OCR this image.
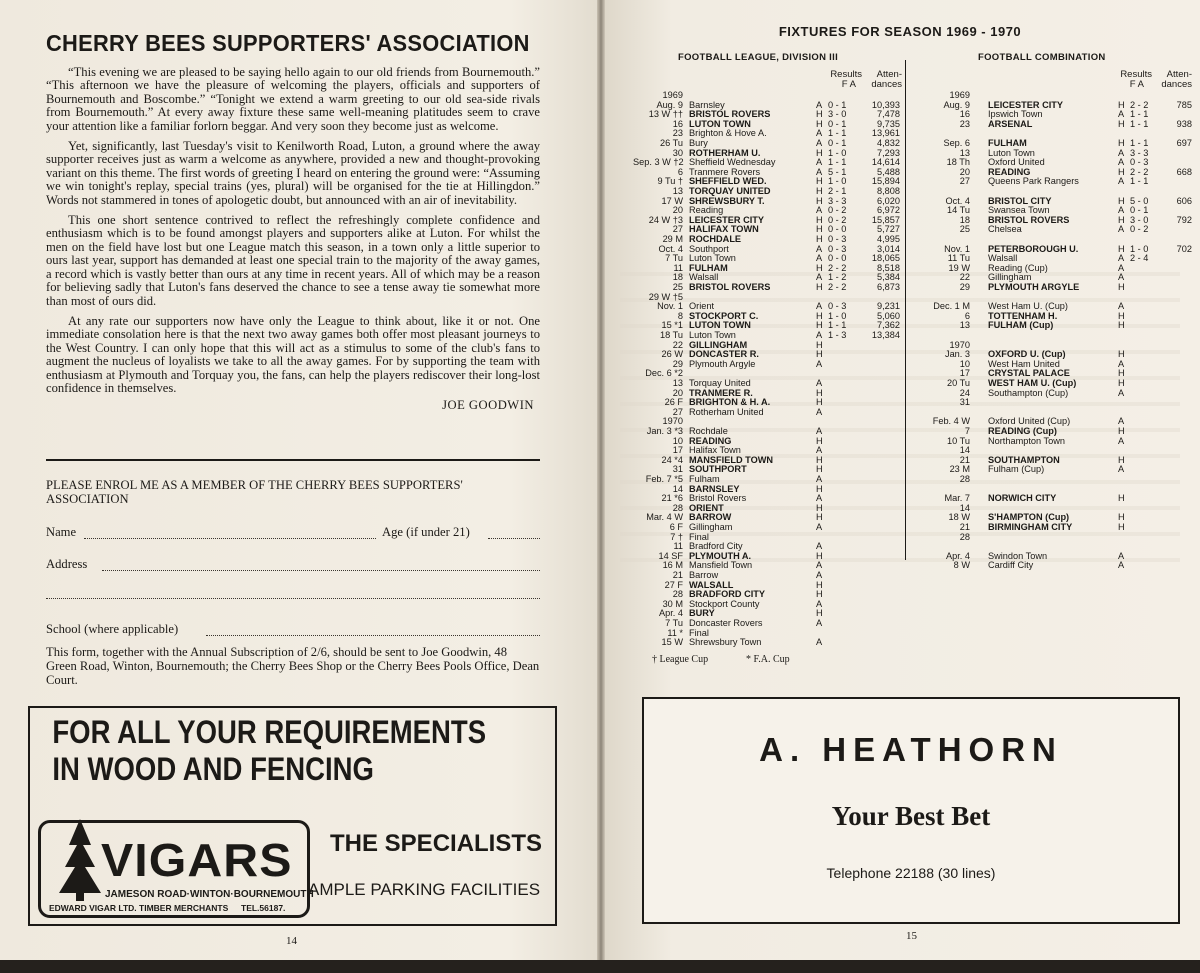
CHERRY BEES SUPPORTERS' ASSOCIATION

“This evening we are pleased to be saying hello again to our old friends from Bournemouth.” “This afternoon we have the pleasure of welcoming the players, officials and supporters of Bournemouth and Boscombe.” “Tonight we extend a warm greeting to our old sea-side rivals from Bournemouth.” At every away fixture these same well-meaning platitudes seem to crave your attention like a familiar forlorn beggar. And very soon they become just as welcome.

Yet, significantly, last Tuesday's visit to Kenilworth Road, Luton, a ground where the away supporter receives just as warm a welcome as anywhere, provided a new and thought-provoking variant on this theme. The first words of greeting I heard on entering the ground were: “Assuming we win tonight's replay, special trains (yes, plural) will be organised for the tie at Hillingdon.” Words not stammered in tones of apologetic doubt, but announced with an air of inevitability.

This one short sentence contrived to reflect the refreshingly complete confidence and enthusiasm which is to be found amongst players and supporters alike at Luton. For whilst the men on the field have lost but one League match this season, in a town only a little superior to ours last year, support has demanded at least one special train to the majority of the away games, a record which is vastly better than ours at any time in recent years. All of which may be a reason for believing sadly that Luton's fans deserved the chance to see a tense away tie somewhat more than most of ours did.

At any rate our supporters now have only the League to think about, like it or not. One immediate consolation here is that the next two away games both offer most pleasant journeys to the West Country. I can only hope that this will act as a stimulus to some of the club's fans to augment the nucleus of loyalists we take to all the away games. For by supporting the team with enthusiasm at Plymouth and Torquay you, the fans, can help the players rediscover their long-lost confidence in themselves.

JOE GOODWIN
PLEASE ENROL ME AS A MEMBER OF THE CHERRY BEES SUPPORTERS' ASSOCIATION
Name	Age (if under 21)
Address
School (where applicable)
This form, together with the Annual Subscription of 2/6, should be sent to Joe Goodwin, 48 Green Road, Winton, Bournemouth; the Cherry Bees Shop or the Cherry Bees Pools Office, Dean Court.
FOR ALL YOUR REQUIREMENTS
IN WOOD AND FENCING
VIGARS
JAMESON ROAD·WINTON·BOURNEMOUTH
EDWARD VIGAR LTD. TIMBER MERCHANTS TEL.56187.
THE SPECIALISTS
AMPLE PARKING FACILITIES
14
FIXTURES FOR SEASON 1969 - 1970
FOOTBALL LEAGUE, DIVISION III	FOOTBALL COMBINATION
Results
F A
Atten-
dances
Results
F A
Atten-
dances
1969
Aug. 9 Barnsley	A 0 - 1	10,393
13 W †† BRISTOL ROVERS	H 3 - 0	7,478
16 LUTON TOWN	H 0 - 1	9,735
23 Brighton & Hove A.	A 1 - 1	13,961
26 Tu Bury	A 0 - 1	4,832
30 ROTHERHAM U.	H 1 - 0	7,293
Sep. 3 W †2 Sheffield Wednesday	A 1 - 1	14,614
6 Tranmere Rovers	A 5 - 1	5,488
9 Tu † SHEFFIELD WED.	H 1 - 0	15,894
13 TORQUAY UNITED	H 2 - 1	8,808
17 W SHREWSBURY T.	H 3 - 3	6,020
20 Reading	A 0 - 2	6,972
24 W †3 LEICESTER CITY	H 0 - 2	15,857
27 HALIFAX TOWN	H 0 - 0	5,727
29 M ROCHDALE	H 0 - 3	4,995
Oct. 4 Southport	A 0 - 3	3,014
7 Tu Luton Town	A 0 - 0	18,065
11 FULHAM	H 2 - 2	8,518
18 Walsall	A 1 - 2	5,384
25 BRISTOL ROVERS	H 2 - 2	6,873
29 W †5
Nov. 1 Orient	A 0 - 3	9,231
8 STOCKPORT C.	H 1 - 0	5,060
15 *1 LUTON TOWN	H 1 - 1	7,362
18 Tu Luton Town	A 1 - 3	13,384
22 GILLINGHAM	H
26 W DONCASTER R.	H
29 Plymouth Argyle	A
Dec. 6 *2
13 Torquay United	A
20 TRANMERE R.	H
26 F BRIGHTON & H. A.	H
27 Rotherham United	A
1970
Jan. 3 *3 Rochdale	A
10 READING	H
17 Halifax Town	A
24 *4 MANSFIELD TOWN	H
31 SOUTHPORT	H
Feb. 7 *5 Fulham	A
14 BARNSLEY	H
21 *6 Bristol Rovers	A
28 ORIENT	H
Mar. 4 W BARROW	H
6 F Gillingham	A
7 † Final
11 Bradford City	A
14 SF PLYMOUTH A.	H
16 M Mansfield Town	A
21 Barrow	A
27 F WALSALL	H
28 BRADFORD CITY	H
30 M Stockport County	A
Apr. 4 BURY	H
7 Tu Doncaster Rovers	A
11 * Final
15 W Shrewsbury Town	A
1969
Aug. 9 LEICESTER CITY	H 2 - 2	785
16 Ipswich Town	A 1 - 1
23 ARSENAL	H 1 - 1	938
Sep. 6 FULHAM	H 1 - 1	697
13 Luton Town	A 3 - 3
18 Th Oxford United	A 0 - 3
20 READING	H 2 - 2	668
27 Queens Park Rangers	A 1 - 1
Oct. 4 BRISTOL CITY	H 5 - 0	606
14 Tu Swansea Town	A 0 - 1
18 BRISTOL ROVERS	H 3 - 0	792
25 Chelsea	A 0 - 2
Nov. 1 PETERBOROUGH U.	H 1 - 0	702
11 Tu Walsall	A 2 - 4
19 W Reading (Cup)	A
22 Gillingham	A
29 PLYMOUTH ARGYLE	H
Dec. 1 M West Ham U. (Cup)	A
6 TOTTENHAM H.	H
13 FULHAM (Cup)	H
1970
Jan. 3 OXFORD U. (Cup)	H
10 West Ham United	A
17 CRYSTAL PALACE	H
20 Tu WEST HAM U. (Cup)	H
24 Southampton (Cup)	A
31
Feb. 4 W Oxford United (Cup)	A
7 READING (Cup)	H
10 Tu Northampton Town	A
14
21 SOUTHAMPTON	H
23 M Fulham (Cup)	A
28
Mar. 7 NORWICH CITY	H
14
18 W S'HAMPTON (Cup)	H
21 BIRMINGHAM CITY	H
28
Apr. 4 Swindon Town	A
8 W Cardiff City	A
† League Cup	* F.A. Cup
A. HEATHORN
Your Best Bet
Telephone 22188 (30 lines)
15
